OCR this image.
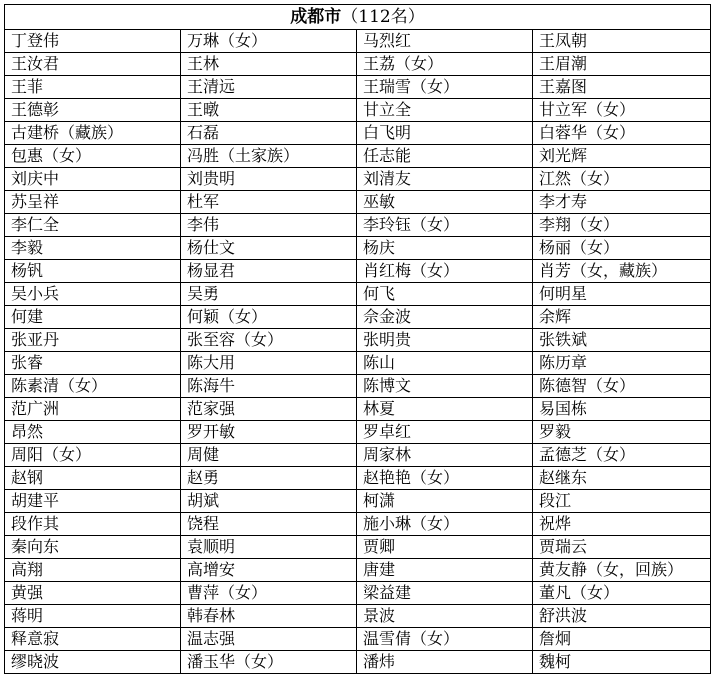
成都市（112名）			
丁登伟	万琳（女）	马烈红	王凤朝
王汝君	王林	王荔（女）	王眉潮
王菲	王清远	王瑞雪（女）	王嘉图
王德彰	王暾	甘立全	甘立军（女）
古建桥（藏族）	石磊	白飞明	白蓉华（女）
包惠（女）	冯胜（土家族）	任志能	刘光辉
刘庆中	刘贵明	刘清友	江然（女）
苏呈祥	杜军	巫敏	李才寿
李仁全	李伟	李玲钰（女）	李翔（女）
李毅	杨仕文	杨庆	杨丽（女）
杨钒	杨显君	肖红梅（女）	肖芳（女，藏族）
吴小兵	吴勇	何飞	何明星
何建	何颖（女）	佘金波	余辉
张亚丹	张至容（女）	张明贵	张铁斌
张睿	陈大用	陈山	陈历章
陈素清（女）	陈海牛	陈博文	陈德智（女）
范广洲	范家强	林夏	易国栋
昂然	罗开敏	罗卓红	罗毅
周阳（女）	周健	周家林	孟德芝（女）
赵钢	赵勇	赵艳艳（女）	赵继东
胡建平	胡斌	柯潇	段江
段作其	饶程	施小琳（女）	祝烨
秦向东	袁顺明	贾卿	贾瑞云
高翔	高增安	唐建	黄友静（女，回族）
黄强	曹萍（女）	梁益建	董凡（女）
蒋明	韩春林	景波	舒洪波
释意寂	温志强	温雪倩（女）	詹炯
缪晓波	潘玉华（女）	潘炜	魏柯
